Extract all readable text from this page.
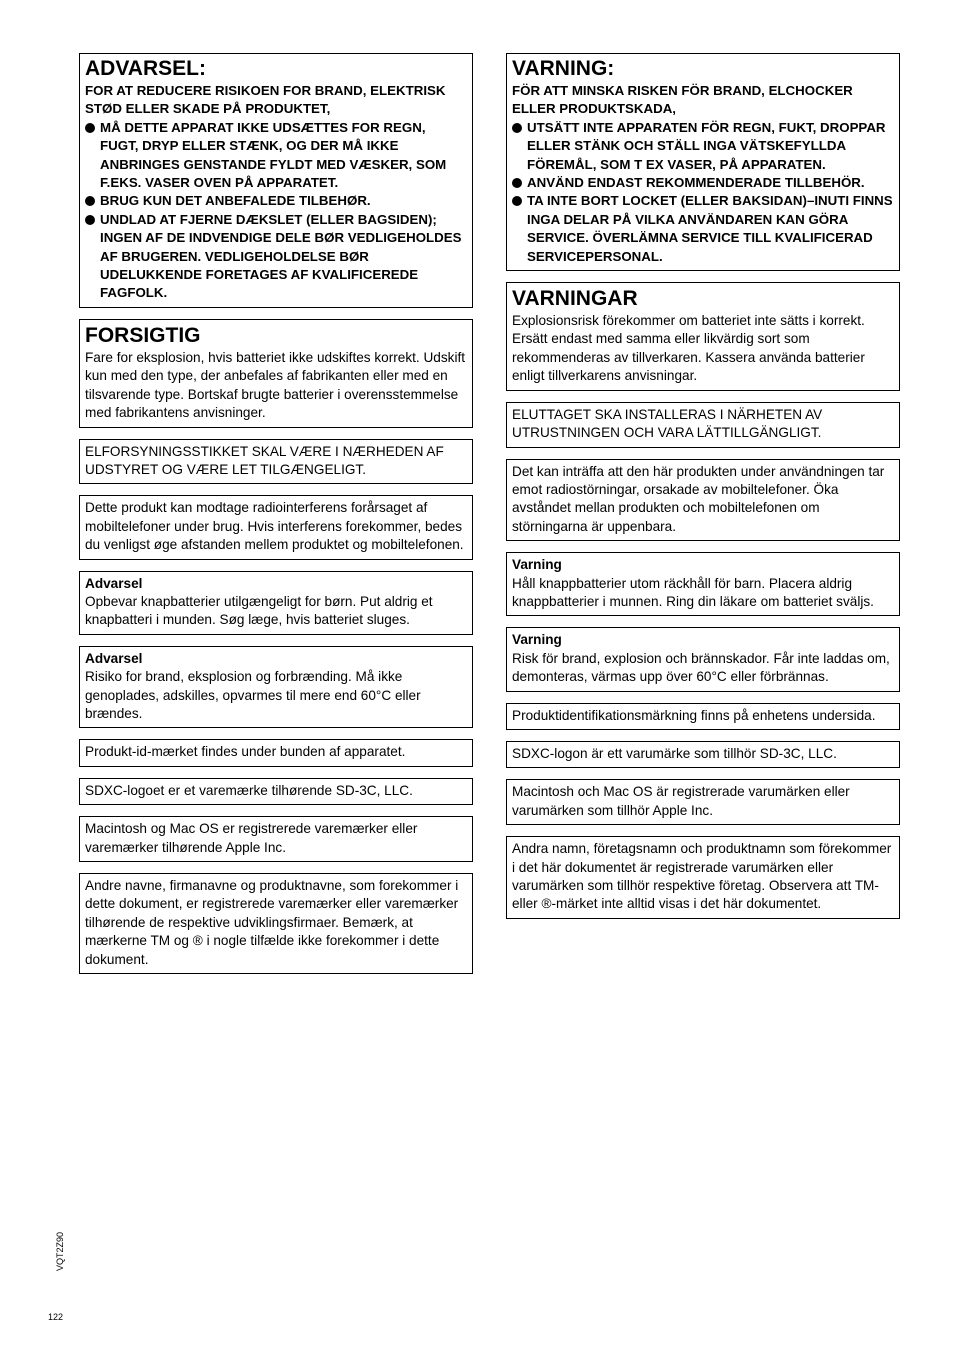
ADVARSEL:
FOR AT REDUCERE RISIKOEN FOR BRAND, ELEKTRISK STØD ELLER SKADE PÅ PRODUKTET,
MÅ DETTE APPARAT IKKE UDSÆTTES FOR REGN, FUGT, DRYP ELLER STÆNK, OG DER MÅ IKKE ANBRINGES GENSTANDE FYLDT MED VÆSKER, SOM F.EKS. VASER OVEN PÅ APPARATET.
BRUG KUN DET ANBEFALEDE TILBEHØR.
UNDLAD AT FJERNE DÆKSLET (ELLER BAGSIDEN); INGEN AF DE INDVENDIGE DELE BØR VEDLIGEHOLDES AF BRUGEREN. VEDLIGEHOLDELSE BØR UDELUKKENDE FORETAGES AF KVALIFICEREDE FAGFOLK.
FORSIGTIG
Fare for eksplosion, hvis batteriet ikke udskiftes korrekt. Udskift kun med den type, der anbefales af fabrikanten eller med en tilsvarende type. Bortskaf brugte batterier i overensstemmelse med fabrikantens anvisninger.
ELFORSYNINGSSTIKKET SKAL VÆRE I NÆRHEDEN AF UDSTYRET OG VÆRE LET TILGÆNGELIGT.
Dette produkt kan modtage radiointerferens forårsaget af mobiltelefoner under brug. Hvis interferens forekommer, bedes du venligst øge afstanden mellem produktet og mobiltelefonen.
Advarsel
Opbevar knapbatterier utilgængeligt for børn. Put aldrig et knapbatteri i munden. Søg læge, hvis batteriet sluges.
Advarsel
Risiko for brand, eksplosion og forbrænding. Må ikke genoplades, adskilles, opvarmes til mere end 60°C eller brændes.
Produkt-id-mærket findes under bunden af apparatet.
SDXC-logoet er et varemærke tilhørende SD-3C, LLC.
Macintosh og Mac OS er registrerede varemærker eller varemærker tilhørende Apple Inc.
Andre navne, firmanavne og produktnavne, som forekommer i dette dokument, er registrerede varemærker eller varemærker tilhørende de respektive udviklingsfirmaer. Bemærk, at mærkerne TM og ® i nogle tilfælde ikke forekommer i dette dokument.
VARNING:
FÖR ATT MINSKA RISKEN FÖR BRAND, ELCHOCKER ELLER PRODUKTSKADA,
UTSÄTT INTE APPARATEN FÖR REGN, FUKT, DROPPAR ELLER STÄNK OCH STÄLL INGA VÄTSKEFYLLDA FÖREMÅL, SOM T EX VASER, PÅ APPARATEN.
ANVÄND ENDAST REKOMMENDERADE TILLBEHÖR.
TA INTE BORT LOCKET (ELLER BAKSIDAN)–INUTI FINNS INGA DELAR PÅ VILKA ANVÄNDAREN KAN GÖRA SERVICE. ÖVERLÄMNA SERVICE TILL KVALIFICERAD SERVICEPERSONAL.
VARNINGAR
Explosionsrisk förekommer om batteriet inte sätts i korrekt. Ersätt endast med samma eller likvärdig sort som rekommenderas av tillverkaren. Kassera använda batterier enligt tillverkarens anvisningar.
ELUTTAGET SKA INSTALLERAS I NÄRHETEN AV UTRUSTNINGEN OCH VARA LÄTTILLGÄNGLIGT.
Det kan inträffa att den här produkten under användningen tar emot radiostörningar, orsakade av mobiltelefoner. Öka avståndet mellan produkten och mobiltelefonen om störningarna är uppenbara.
Varning
Håll knappbatterier utom räckhåll för barn. Placera aldrig knappbatterier i munnen. Ring din läkare om batteriet sväljs.
Varning
Risk för brand, explosion och brännskador. Får inte laddas om, demonteras, värmas upp över 60°C eller förbrännas.
Produktidentifikationsmärkning finns på enhetens undersida.
SDXC-logon är ett varumärke som tillhör SD-3C, LLC.
Macintosh och Mac OS är registrerade varumärken eller varumärken som tillhör Apple Inc.
Andra namn, företagsnamn och produktnamn som förekommer i det här dokumentet är registrerade varumärken eller varumärken som tillhör respektive företag. Observera att TM- eller ®-märket inte alltid visas i det här dokumentet.
VQT2Z90
122
